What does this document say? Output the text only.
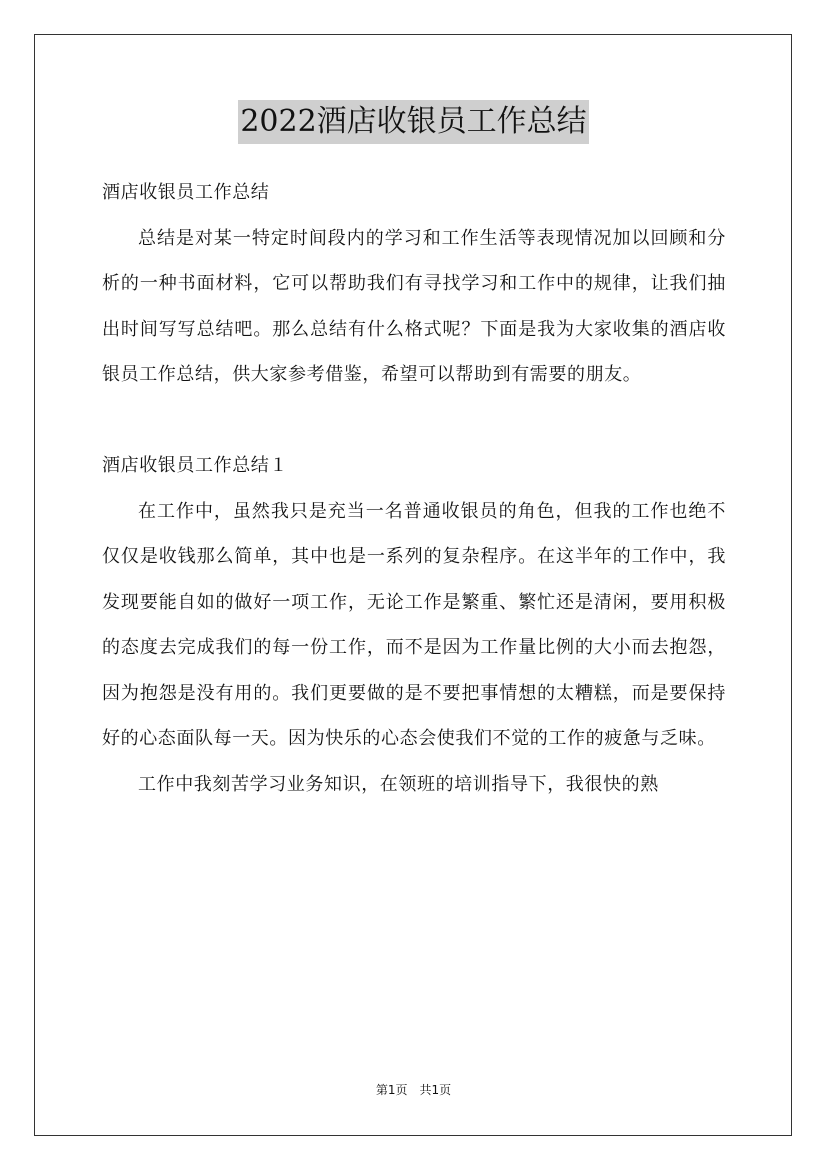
2022酒店收银员工作总结

酒店收银员工作总结

总结是对某一特定时间段内的学习和工作生活等表现情况加以回顾和分析的一种书面材料，它可以帮助我们有寻找学习和工作中的规律，让我们抽出时间写写总结吧。那么总结有什么格式呢？下面是我为大家收集的酒店收银员工作总结，供大家参考借鉴，希望可以帮助到有需要的朋友。

酒店收银员工作总结１

在工作中，虽然我只是充当一名普通收银员的角色，但我的工作也绝不仅仅是收钱那么简单，其中也是一系列的复杂程序。在这半年的工作中，我发现要能自如的做好一项工作，无论工作是繁重、繁忙还是清闲，要用积极的态度去完成我们的每一份工作，而不是因为工作量比例的大小而去抱怨，因为抱怨是没有用的。我们更要做的是不要把事情想的太糟糕，而是要保持好的心态面队每一天。因为快乐的心态会使我们不觉的工作的疲惫与乏味。

工作中我刻苦学习业务知识，在领班的培训指导下，我很快的熟

第1页 共1页
